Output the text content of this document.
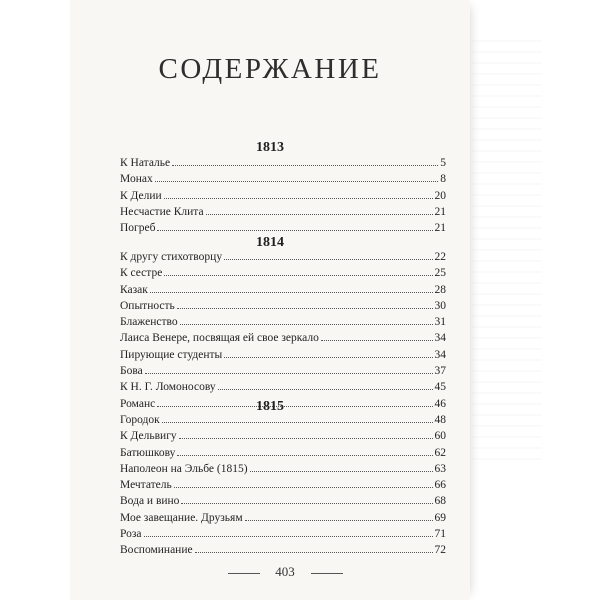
СОДЕРЖАНИЕ
1813
К Наталье	5
Монах	8
К Делии	20
Несчастие Клита	21
Погреб	21
1814
К другу стихотворцу	22
К сестре	25
Казак	28
Опытность	30
Блаженство	31
Лаиса Венере, посвящая ей свое зеркало	34
Пирующие студенты	34
Бова	37
К Н. Г. Ломоносову	45
Романс	46
1815
Городок	48
К Дельвигу	60
Батюшкову	62
Наполеон на Эльбе (1815)	63
Мечтатель	66
Вода и вино	68
Мое завещание. Друзьям	69
Роза	71
Воспоминание	72
403
